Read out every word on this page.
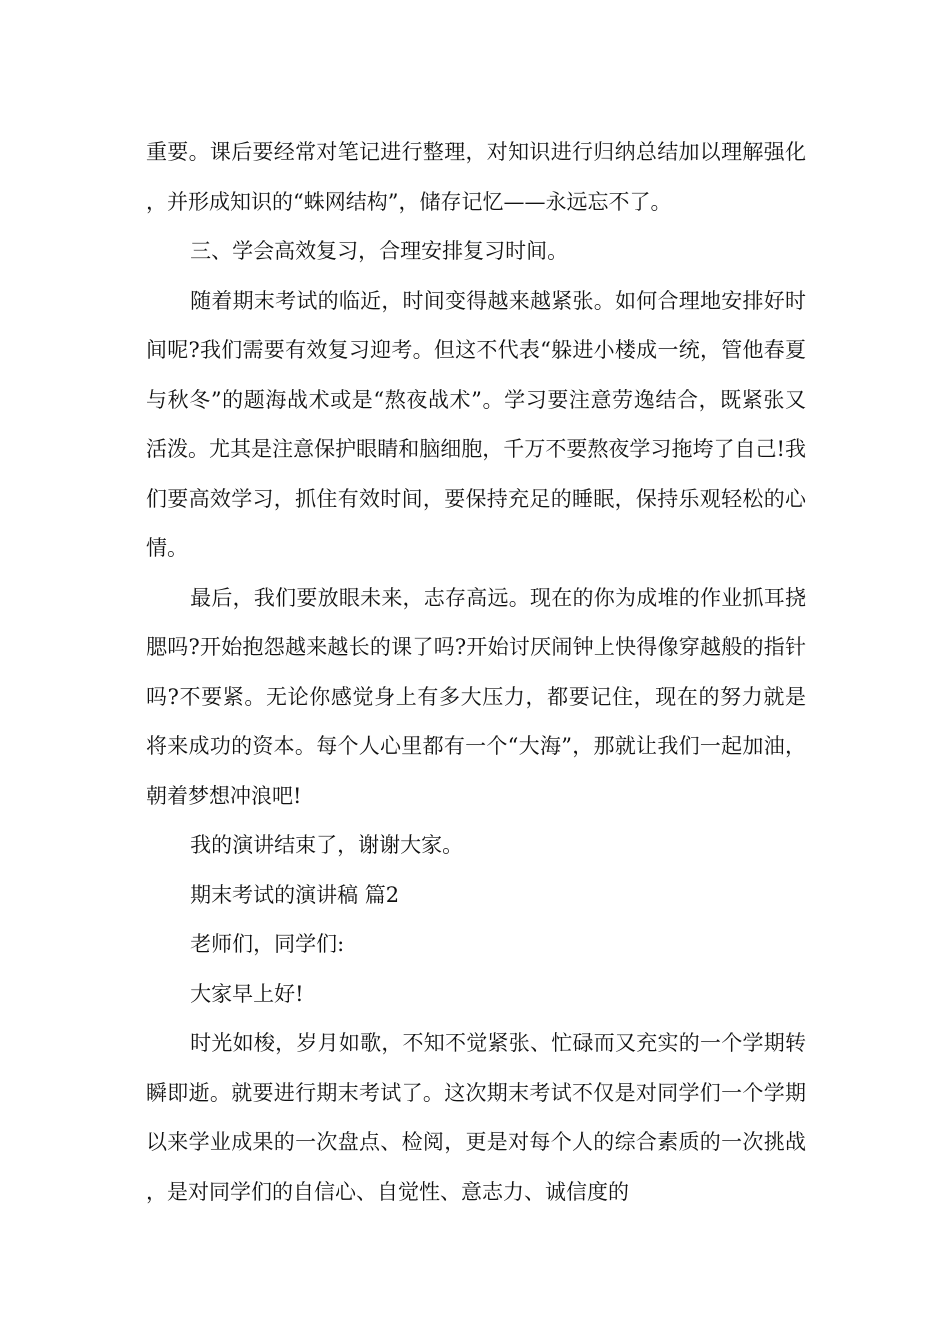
重要。课后要经常对笔记进行整理，对知识进行归纳总结加以理解强化，并形成知识的“蛛网结构”，储存记忆——永远忘不了。

三、学会高效复习，合理安排复习时间。

随着期末考试的临近，时间变得越来越紧张。如何合理地安排好时间呢?我们需要有效复习迎考。但这不代表“躲进小楼成一统，管他春夏与秋冬”的题海战术或是“熬夜战术”。学习要注意劳逸结合，既紧张又活泼。尤其是注意保护眼睛和脑细胞，千万不要熬夜学习拖垮了自己!我们要高效学习，抓住有效时间，要保持充足的睡眠，保持乐观轻松的心情。

最后，我们要放眼未来，志存高远。现在的你为成堆的作业抓耳挠腮吗?开始抱怨越来越长的课了吗?开始讨厌闹钟上快得像穿越般的指针吗?不要紧。无论你感觉身上有多大压力，都要记住，现在的努力就是将来成功的资本。每个人心里都有一个“大海”，那就让我们一起加油，朝着梦想冲浪吧!

我的演讲结束了，谢谢大家。

期末考试的演讲稿 篇2

老师们，同学们:

大家早上好!

时光如梭，岁月如歌，不知不觉紧张、忙碌而又充实的一个学期转瞬即逝。就要进行期末考试了。这次期末考试不仅是对同学们一个学期以来学业成果的一次盘点、检阅，更是对每个人的综合素质的一次挑战，是对同学们的自信心、自觉性、意志力、诚信度的
